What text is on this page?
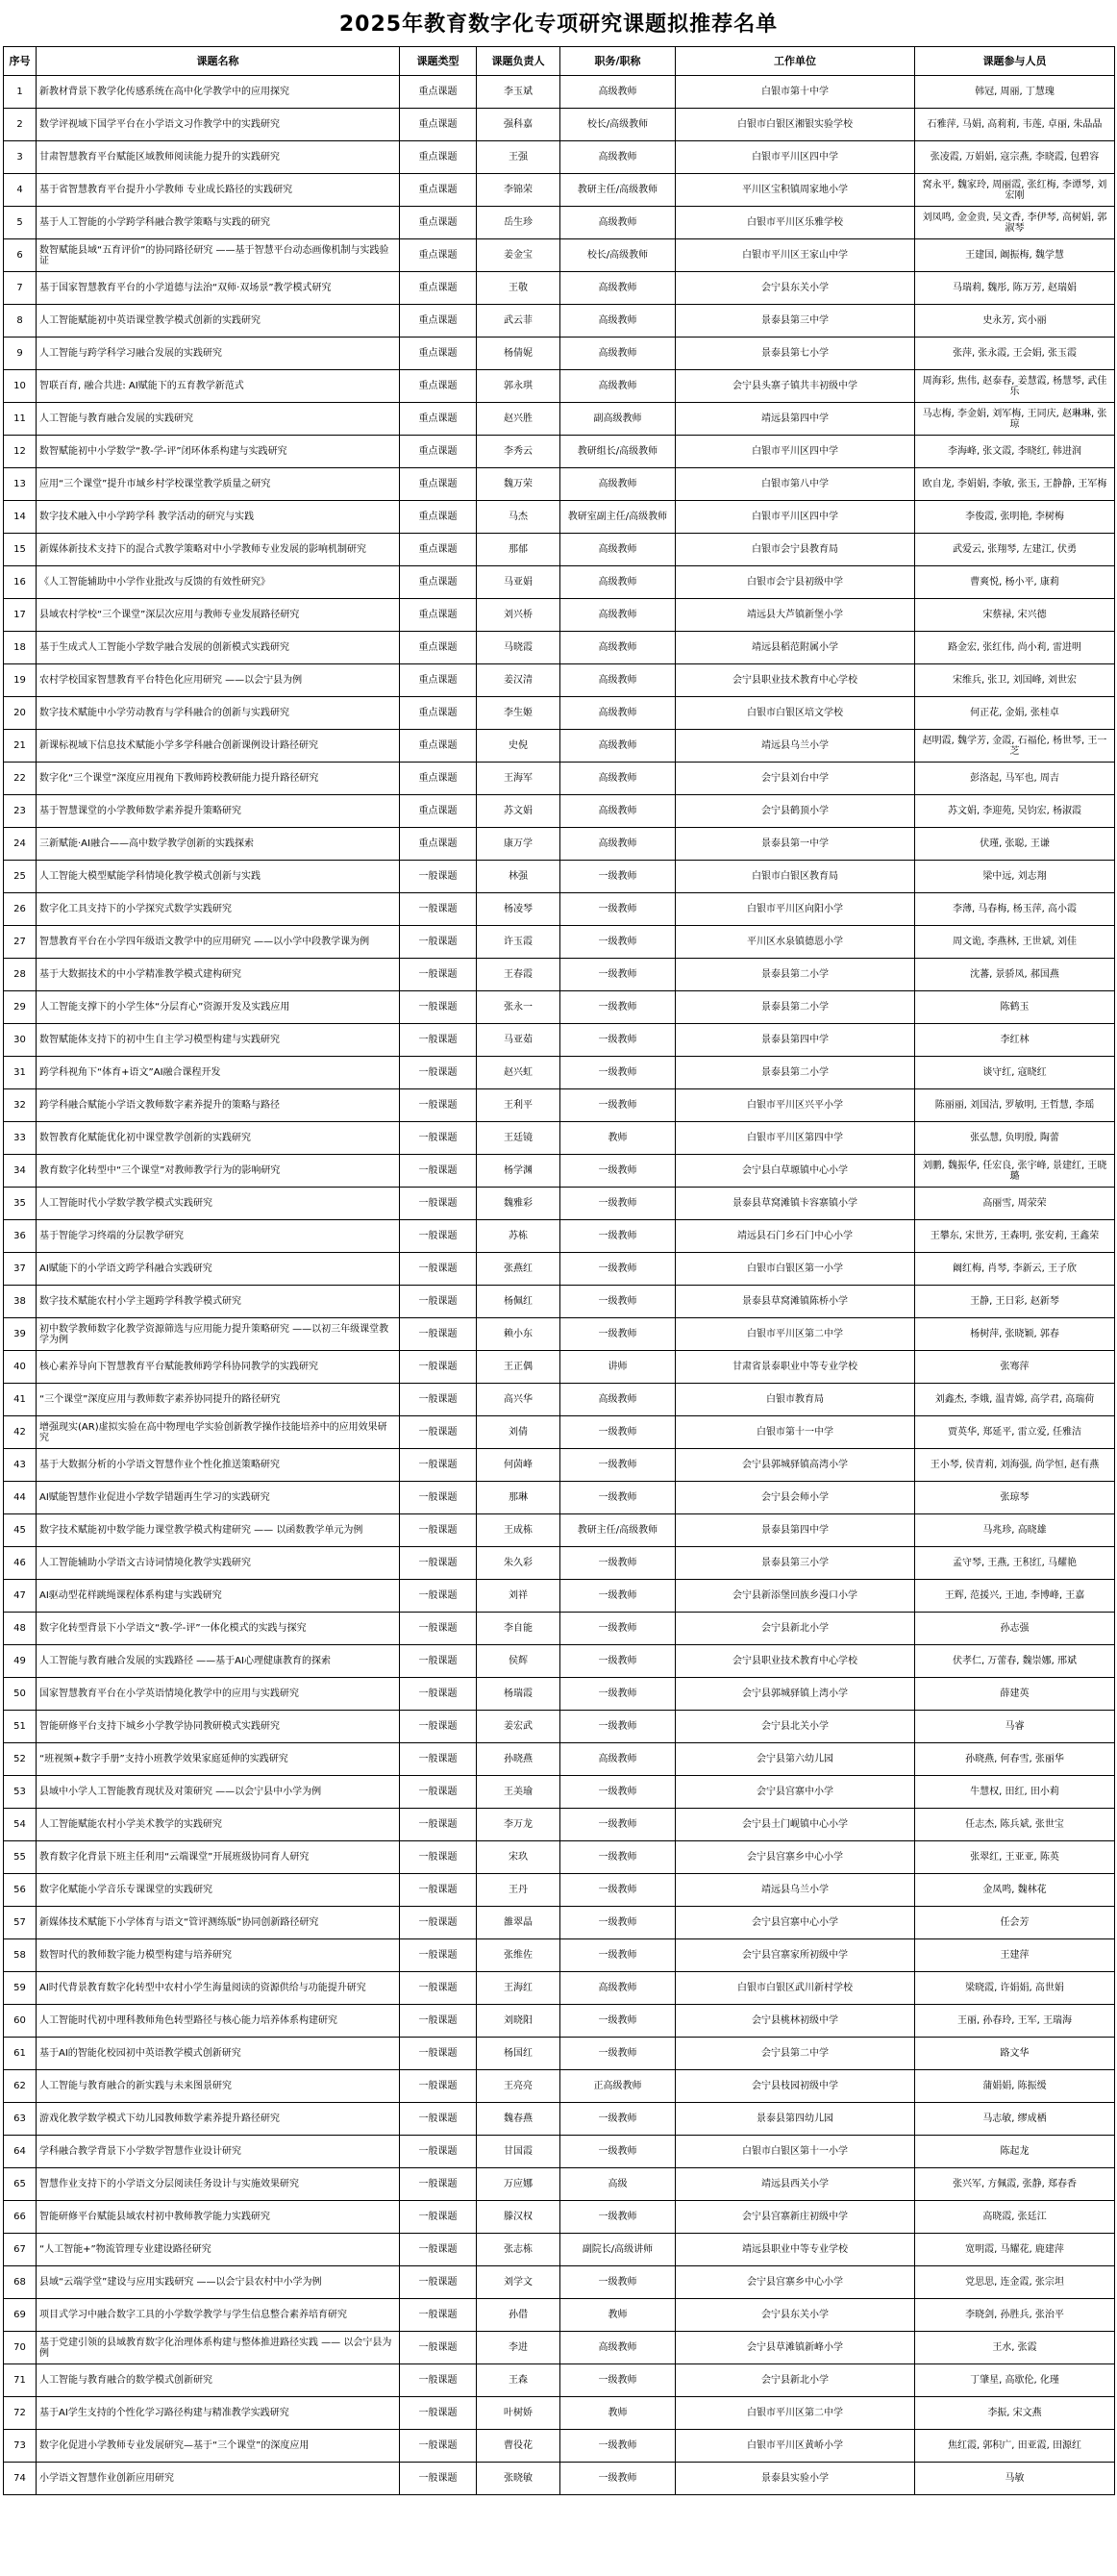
2025年教育数字化专项研究课题拟推荐名单
序号	课题名称	课题类型	课题负责人	职务/职称	工作单位	课题参与人员
1	新教材背景下教学化传感系统在高中化学教学中的应用探究	重点课题	李玉斌	高级教师	白银市第十中学	韩冠, 周丽, 丁慧瑰
2	数学评视域下国学平台在小学语文习作教学中的实践研究	重点课题	强科嘉	校长/高级教师	白银市白银区湘银实验学校	石雅萍, 马娟, 高莉莉, 韦莲, 卓丽, 朱晶晶
3	甘肃智慧教育平台赋能区域教师阅读能力提升的实践研究	重点课题	王强	高级教师	白银市平川区四中学	张凌霞, 万娟娟, 寇宗燕, 李晓霞, 包碧容
4	基于省智慧教育平台提升小学教师 专业成长路径的实践研究	重点课题	李锦荣	教研主任/高级教师	平川区宝积镇周家地小学	窝永平, 魏家玲, 周丽霞, 张红梅, 李谭琴, 刘宏刚
5	基于人工智能的小学跨学科融合教学策略与实践的研究	重点课题	岳生珍	高级教师	白银市平川区乐雅学校	刘凤鸣, 金金贵, 吴文香, 李伊琴, 高树娟, 郭淑琴
6	数智赋能县域“五育评价”的协同路径研究 ——基于智慧平台动态画像机制与实践验证	重点课题	姜金宝	校长/高级教师	白银市平川区王家山中学	王建国, 阚振梅, 魏学慧
7	基于国家智慧教育平台的小学道德与法治“双师·双场景”教学模式研究	重点课题	王敬	高级教师	会宁县东关小学	马瑞莉, 魏彤, 陈万芳, 赵瑞娟
8	人工智能赋能初中英语课堂教学模式创新的实践研究	重点课题	武云菲	高级教师	景泰县第三中学	史永芳, 宾小丽
9	人工智能与跨学科学习融合发展的实践研究	重点课题	杨倩妮	高级教师	景泰县第七小学	张萍, 张永霞, 王会娟, 张玉霞
10	智联百育, 融合共进: AI赋能下的五育教学新范式	重点课题	郭永琪	高级教师	会宁县头寨子镇共丰初级中学	周海彩, 焦伟, 赵泰春, 姜慧霞, 杨慧琴, 武佳乐
11	人工智能与教育融合发展的实践研究	重点课题	赵兴胜	副高级教师	靖远县第四中学	马志梅, 李金娟, 刘军梅, 王同庆, 赵琳琳, 张琼
12	数智赋能初中小学数学“教-学-评”闭环体系构建与实践研究	重点课题	李秀云	教研组长/高级教师	白银市平川区四中学	李海峰, 张文霞, 李晓红, 韩进润
13	应用“三个课堂”提升市域乡村学校课堂教学质量之研究	重点课题	魏万荣	高级教师	白银市第八中学	欧自龙, 李娟娟, 李敏, 张玉, 王静静, 王军梅
14	数字技术融入中小学跨学科 教学活动的研究与实践	重点课题	马杰	教研室副主任/高级教师	白银市平川区四中学	李俊霞, 张明艳, 李树梅
15	新媒体新技术支持下的混合式教学策略对中小学教师专业发展的影响机制研究	重点课题	那郁	高级教师	白银市会宁县教育局	武爱云, 张翔琴, 左建江, 伏勇
16	《人工智能辅助中小学作业批改与反馈的有效性研究》	重点课题	马亚娟	高级教师	白银市会宁县初级中学	曹爽悦, 杨小平, 康莉
17	县域农村学校“三个课堂”深层次应用与教师专业发展路径研究	重点课题	刘兴桥	高级教师	靖远县大芦镇新堡小学	宋蔡禄, 宋兴德
18	基于生成式人工智能小学数学融合发展的创新模式实践研究	重点课题	马晓霞	高级教师	靖远县稻范附属小学	路金宏, 张红伟, 尚小莉, 雷进明
19	农村学校国家智慧教育平台特色化应用研究 ——以会宁县为例	重点课题	姜汉清	高级教师	会宁县职业技术教育中心学校	宋维兵, 张卫, 刘国峰, 刘世宏
20	数字技术赋能中小学劳动教育与学科融合的创新与实践研究	重点课题	李生姬	高级教师	白银市白银区培文学校	何正花, 金娟, 张桂卓
21	新课标视域下信息技术赋能小学多学科融合创新课例设计路径研究	重点课题	史倪	高级教师	靖远县乌兰小学	赵明霞, 魏学芳, 金霞, 石福伦, 杨世琴, 王一芝
22	数字化“三个课堂”深度应用视角下教师跨校教研能力提升路径研究	重点课题	王海军	高级教师	会宁县刘台中学	彭洛起, 马军也, 周吉
23	基于智慧课堂的小学教师数学素养提升策略研究	重点课题	苏文娟	高级教师	会宁县鹤顶小学	苏文娟, 李迎苑, 吴钧宏, 杨淑霞
24	三新赋能·AI融合——高中数学教学创新的实践探索	重点课题	康万学	高级教师	景泰县第一中学	伏瑾, 张聪, 王谦
25	人工智能大模型赋能学科情境化教学模式创新与实践	一般课题	林强	一级教师	白银市白银区教育局	梁中远, 刘志翔
26	数字化工具支持下的小学探究式数学实践研究	一般课题	杨凌琴	一级教师	白银市平川区向阳小学	李薄, 马春梅, 杨玉萍, 高小霞
27	智慧教育平台在小学四年级语文教学中的应用研究 ——以小学中段教学课为例	一般课题	许玉霞	一级教师	平川区水泉镇德恩小学	周文诡, 李燕林, 王世斌, 刘佳
28	基于大数据技术的中小学精准教学模式建构研究	一般课题	王春霞	一级教师	景泰县第二小学	沈蕃, 景骄凤, 郝国燕
29	人工智能支撑下的小学生体“分层育心”资源开发及实践应用	一般课题	张永一	一级教师	景泰县第二小学	陈鹤玉
30	数智赋能体支持下的初中生自主学习模型构建与实践研究	一般课题	马亚茹	一级教师	景泰县第四中学	李红林
31	跨学科视角下“体育+语文”AI融合课程开发	一般课题	赵兴虹	一级教师	景泰县第二小学	谈守红, 寇晓红
32	跨学科融合赋能小学语文教师数字素养提升的策略与路径	一般课题	王利平	一级教师	白银市平川区兴平小学	陈丽丽, 刘国洁, 罗敏明, 王哲慧, 李瑶
33	数智教育化赋能优化初中课堂教学创新的实践研究	一般课题	王廷镜	教师	白银市平川区第四中学	张弘慧, 负明殷, 陶蕾
34	教育数字化转型中“三个课堂”对教师教学行为的影响研究	一般课题	杨学渊	一级教师	会宁县白草塬镇中心小学	刘鹏, 魏振华, 任宏良, 张宇峰, 景建红, 王晓璐
35	人工智能时代小学数学教学模式实践研究	一般课题	魏雅彩	一级教师	景泰县草窝滩镇卡容寨镇小学	高丽雪, 周荥荣
36	基于智能学习终端的分层教学研究	一般课题	苏栋	一级教师	靖远县石门乡石门中心小学	王攀东, 宋世芳, 王森明, 张安莉, 王鑫荣
37	AI赋能下的小学语文跨学科融合实践研究	一般课题	张燕红	一级教师	白银市白银区第一小学	阚红梅, 肖琴, 李新云, 王子欣
38	数字技术赋能农村小学主题跨学科教学模式研究	一般课题	杨佩红	一级教师	景泰县草窝滩镇陈桥小学	王静, 王日彩, 赵新琴
39	初中数学教师数字化教学资源筛选与应用能力提升策略研究 ——以初三年级课堂教学为例	一般课题	赖小东	一级教师	白银市平川区第二中学	杨树萍, 张晓颖, 郭春
40	核心素养导向下智慧教育平台赋能教师跨学科协同教学的实践研究	一般课题	王正偶	讲师	甘肃省景泰职业中等专业学校	张骞萍
41	“三个课堂”深度应用与教师数字素养协同提升的路径研究	一般课题	高兴华	高级教师	白银市教育局	刘鑫杰, 李娥, 温青嫦, 高学君, 高瑞荷
42	增强现实(AR)虚拟实验在高中物理电学实验创新教学操作技能培养中的应用效果研究	一般课题	刘倩	一级教师	白银市第十一中学	贾英华, 郑延平, 雷立爱, 任雅洁
43	基于大数据分析的小学语文智慧作业个性化推送策略研究	一般课题	何茵峰	一级教师	会宁县郭城驿镇高湾小学	王小琴, 侯青莉, 刘海强, 尚学恒, 赵有燕
44	AI赋能智慧作业促进小学数学错题再生学习的实践研究	一般课题	那琳	一级教师	会宁县会师小学	张琼琴
45	数字技术赋能初中数学能力课堂教学模式构建研究 —— 以函数教学单元为例	一般课题	王成栋	教研主任/高级教师	景泰县第四中学	马兆珍, 高晓雄
46	人工智能辅助小学语文古诗词情境化教学实践研究	一般课题	朱久彩	一级教师	景泰县第三小学	孟守琴, 王燕, 王积红, 马耀艳
47	AI驱动型花样跳绳课程体系构建与实践研究	一般课题	刘祥	一级教师	会宁县新添堡回族乡漫口小学	王辉, 范援兴, 王迪, 李博峰, 王嘉
48	数字化转型背景下小学语文“教-学-评”一体化模式的实践与探究	一般课题	李自能	一级教师	会宁县新北小学	孙志强
49	人工智能与教育融合发展的实践路径 ——基于AI心理健康教育的探索	一般课题	侯辉	一级教师	会宁县职业技术教育中心学校	伏孝仁, 万蕾春, 魏崇娜, 邢斌
50	国家智慧教育平台在小学英语情境化教学中的应用与实践研究	一般课题	杨瑞霞	一级教师	会宁县郭城驿镇上湾小学	薛建英
51	智能研修平台支持下城乡小学教学协同教研模式实践研究	一般课题	姜宏武	一级教师	会宁县北关小学	马睿
52	“班视频+数字手册”支持小班教学效果家庭延伸的实践研究	一般课题	孙晓燕	高级教师	会宁县第六幼儿园	孙晓燕, 何春雪, 张丽华
53	县域中小学人工智能教育现状及对策研究 ——以会宁县中小学为例	一般课题	王美瑜	一级教师	会宁县宫寨中小学	牛慧权, 田红, 田小莉
54	人工智能赋能农村小学美术教学的实践研究	一般课题	李万龙	一级教师	会宁县土门岘镇中心小学	任志杰, 陈兵斌, 张世宝
55	教育数字化背景下班主任利用“云端课堂”开展班级协同育人研究	一般课题	宋玖	一级教师	会宁县宫寨乡中心小学	张翠红, 王亚亚, 陈英
56	数字化赋能小学音乐专课课堂的实践研究	一般课题	王丹	一级教师	靖远县乌兰小学	金凤鸣, 魏林花
57	新媒体技术赋能下小学体育与语文“管评测练版”协同创新路径研究	一般课题	雒翠晶	一级教师	会宁县宫寨中心小学	任会芳
58	数智时代的教师数字能力模型构建与培养研究	一般课题	张维佐	一级教师	会宁县宫寨家所初级中学	王建萍
59	AI时代背景教育数字化转型中农村小学生海量阅读的资源供给与功能提升研究	一般课题	王海红	高级教师	白银市白银区武川新村学校	梁晓霞, 许娟娟, 高世娟
60	人工智能时代初中理科教师角色转型路径与核心能力培养体系构建研究	一般课题	刘晓阳	一级教师	会宁县桃林初级中学	王丽, 孙春玲, 王军, 王瑞海
61	基于AI的智能化校园初中英语教学模式创新研究	一般课题	杨国红	一级教师	会宁县第二中学	路文华
62	人工智能与教育融合的新实践与未来图景研究	一般课题	王亮亮	正高级教师	会宁县枝园初级中学	蒲娟娟, 陈振缓
63	游戏化教学数学模式下幼儿园教师数学素养提升路径研究	一般课题	魏春燕	一级教师	景泰县第四幼儿园	马志敏, 缪成栖
64	学科融合教学背景下小学数学智慧作业设计研究	一般课题	甘国霞	一级教师	白银市白银区第十一小学	陈起龙
65	智慧作业支持下的小学语文分层阅读任务设计与实施效果研究	一般课题	万应娜	高级	靖远县西关小学	张兴军, 方佩霞, 张静, 郑春香
66	智能研修平台赋能县域农村初中教师教学能力实践研究	一般课题	滕汉权	一级教师	会宁县宫寨新庄初级中学	高晓霞, 张廷江
67	“人工智能+”物流管理专业建设路径研究	一般课题	张志栋	副院长/高级讲师	靖远县职业中等专业学校	宽明霞, 马耀花, 鹿建萍
68	县域“云端学堂”建设与应用实践研究 ——以会宁县农村中小学为例	一般课题	刘学文	一级教师	会宁县宫寨乡中心小学	党思思, 连金霞, 张宗坦
69	项目式学习中融合数字工具的小学数学教学与学生信息整合素养培育研究	一般课题	孙借	教师	会宁县东关小学	李晓剑, 孙胜兵, 张治平
70	基于党建引领的县域教育数字化治理体系构建与整体推进路径实践 —— 以会宁县为例	一般课题	李进	高级教师	会宁县草滩镇新峰小学	王水, 张霞
71	人工智能与教育融合的数学模式创新研究	一般课题	王森	一级教师	会宁县新北小学	丁肇星, 高歇伦, 化瑾
72	基于AI学生支持的个性化学习路径构建与精准教学实践研究	一般课题	叶树娇	教师	白银市平川区第二中学	李振, 宋文燕
73	数字化促进小学教师专业发展研究—基于“三个课堂”的深度应用	一般课题	曹役花	一级教师	白银市平川区黄峤小学	焦红霞, 郭积广, 田亚霞, 田源红
74	小学语文智慧作业创新应用研究	一般课题	张晓敏	一级教师	景泰县实验小学	马敏
